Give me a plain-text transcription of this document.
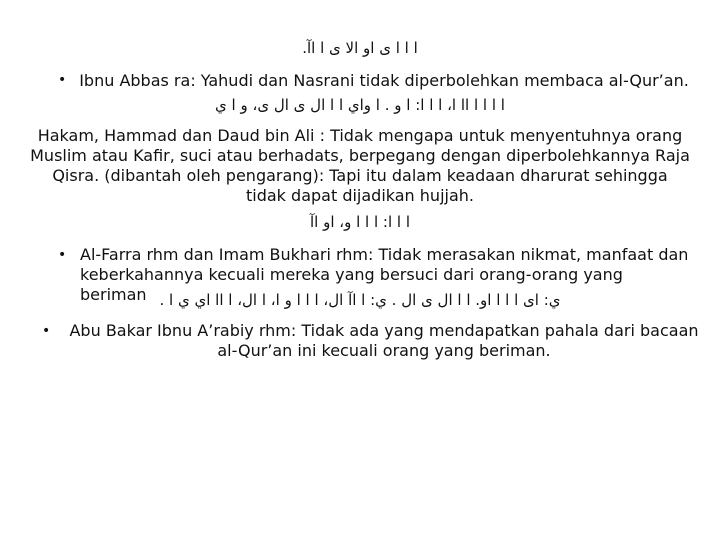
ا ا ا ى او الا ى ا اآ.
• Ibnu Abbas ra: Yahudi dan Nasrani tidak diperbolehkan membaca al-Qur’an.
ا ا ا ا اا ا، ا ا ا: ا و . ا واي ا ا ال ى ال ى، و ا ي
Hakam, Hammad dan Daud bin Ali : Tidak mengapa untuk menyentuhnya orang Muslim atau Kafir, suci atau berhadats, berpegang dengan diperbolehkannya Raja Qisra. (dibantah oleh pengarang): Tapi itu dalam keadaan dharurat sehingga tidak dapat dijadikan hujjah.
ا ا ا: ا ا ا و، او اآ
• Al-Farra rhm dan Imam Bukhari rhm: Tidak merasakan nikmat, manfaat dan keberkahannya kecuali mereka yang bersuci dari orang-orang yang beriman ي: اى ا ا ا او. ا ا ال ى ال . ي: ا اآ ال، ا ا ا و ا، ا ال، ا اا اي ي ا .
•	Abu Bakar Ibnu A’rabiy rhm: Tidak ada yang mendapatkan pahala dari bacaan al-Qur’an ini kecuali orang yang beriman.
